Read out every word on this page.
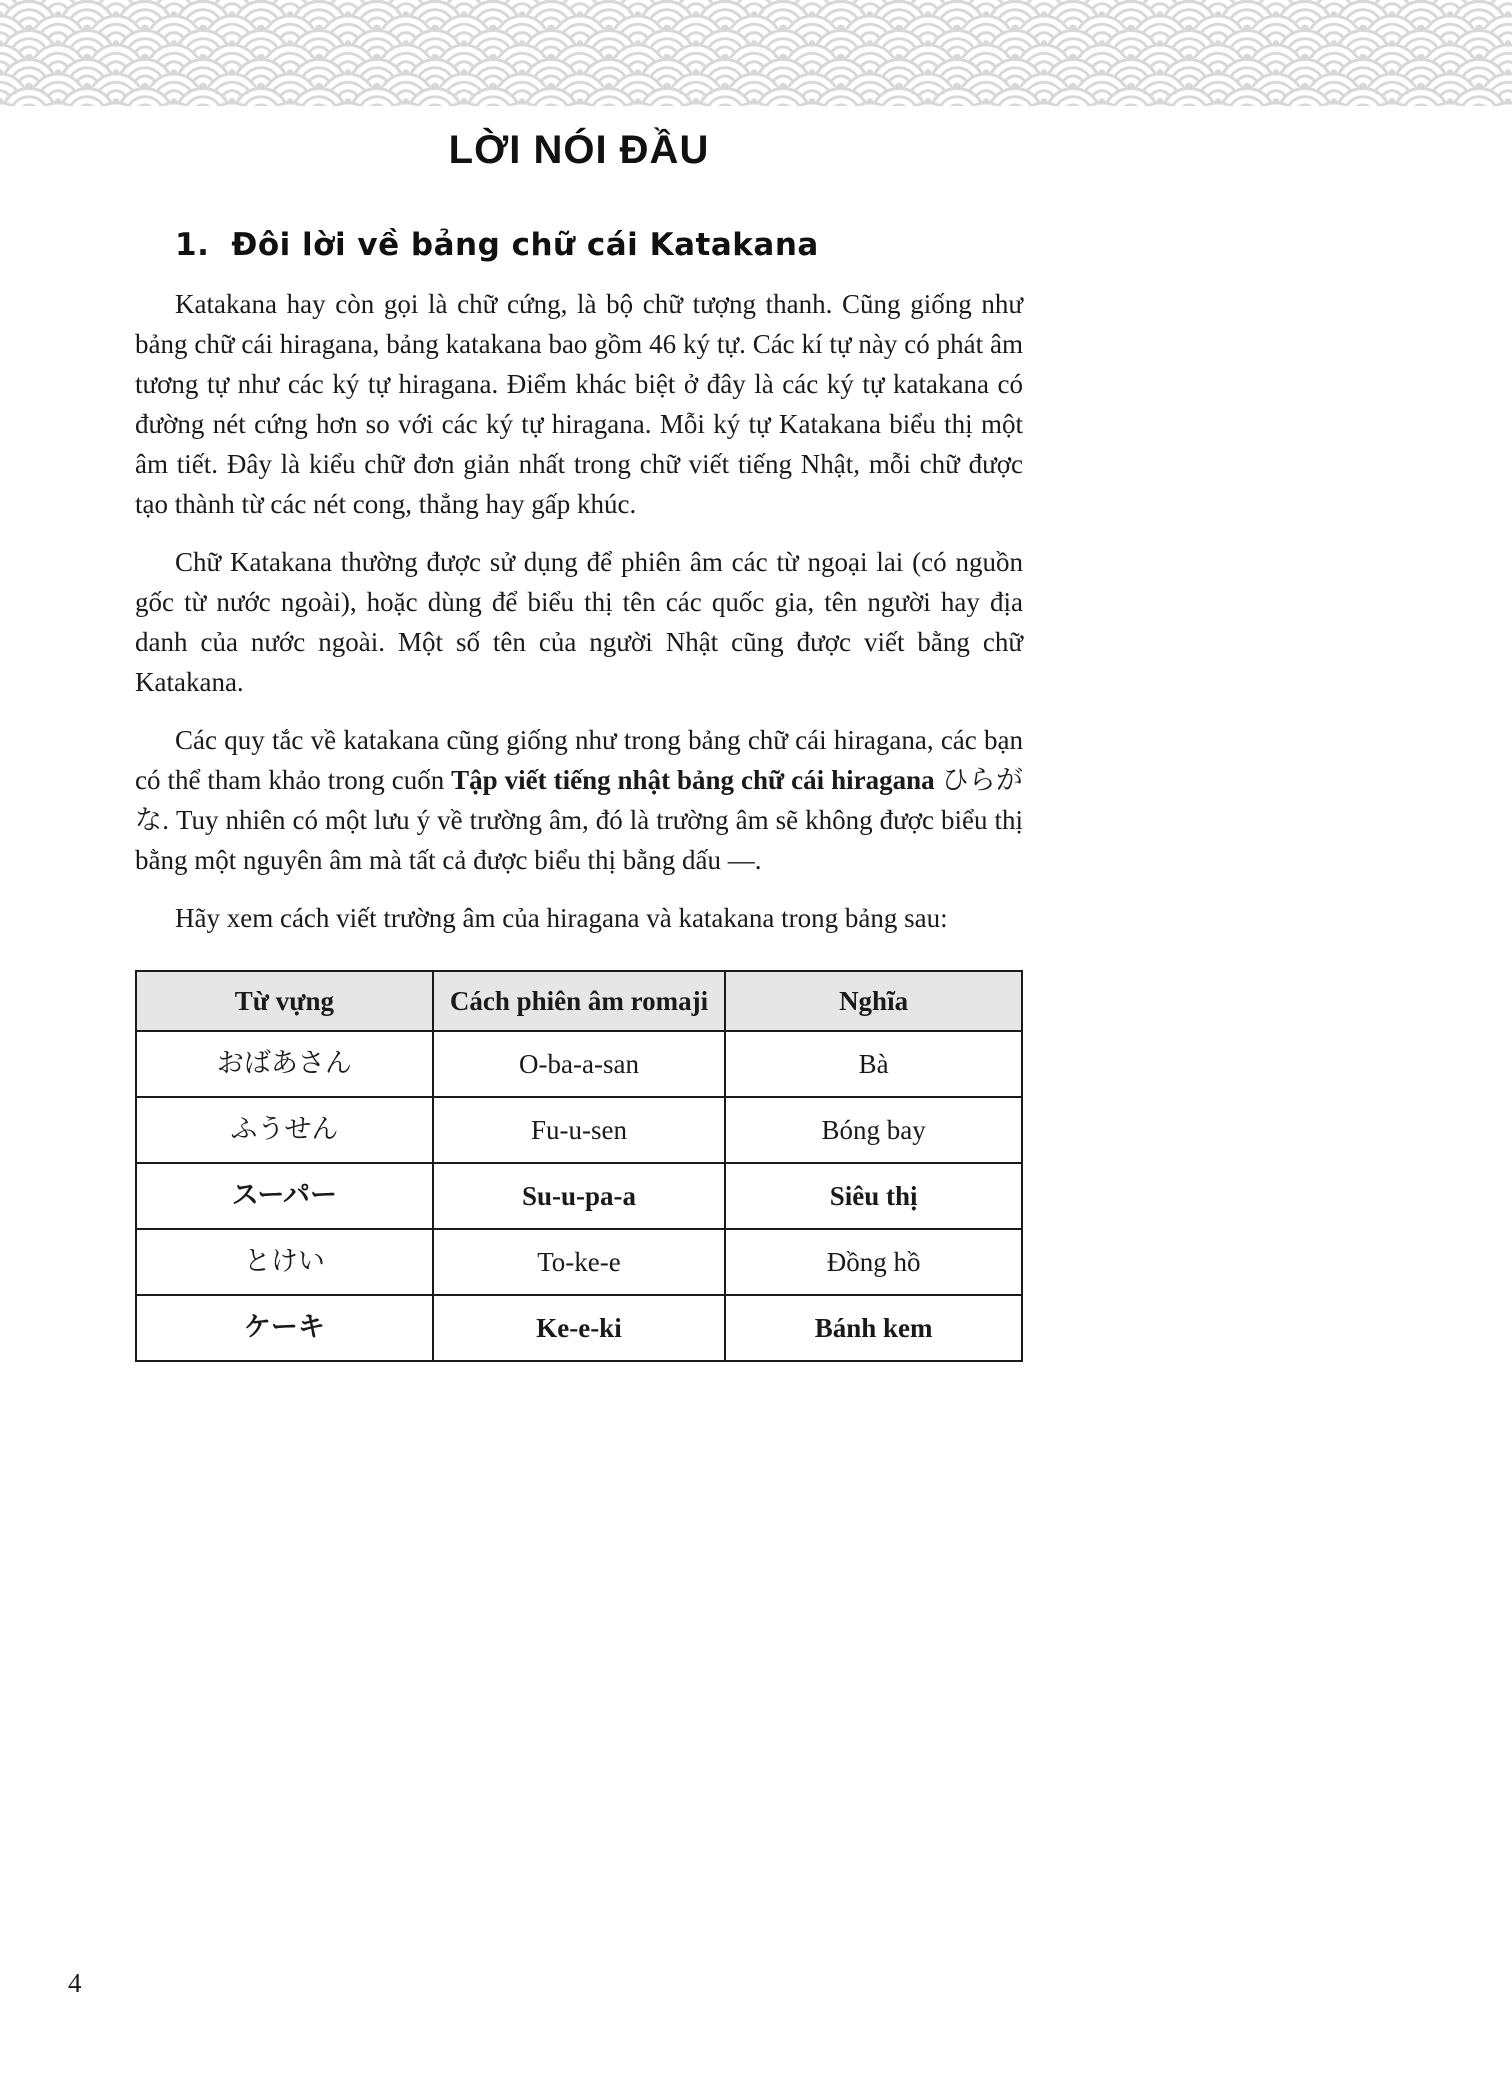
LỜI NÓI ĐẦU
1. Đôi lời về bảng chữ cái Katakana

Katakana hay còn gọi là chữ cứng, là bộ chữ tượng thanh. Cũng giống như bảng chữ cái hiragana, bảng katakana bao gồm 46 ký tự. Các kí tự này có phát âm tương tự như các ký tự hiragana. Điểm khác biệt ở đây là các ký tự katakana có đường nét cứng hơn so với các ký tự hiragana. Mỗi ký tự Katakana biểu thị một âm tiết. Đây là kiểu chữ đơn giản nhất trong chữ viết tiếng Nhật, mỗi chữ được tạo thành từ các nét cong, thẳng hay gấp khúc.

Chữ Katakana thường được sử dụng để phiên âm các từ ngoại lai (có nguồn gốc từ nước ngoài), hoặc dùng để biểu thị tên các quốc gia, tên người hay địa danh của nước ngoài. Một số tên của người Nhật cũng được viết bằng chữ Katakana.

Các quy tắc về katakana cũng giống như trong bảng chữ cái hiragana, các bạn có thể tham khảo trong cuốn Tập viết tiếng nhật bảng chữ cái hiragana ひらがな. Tuy nhiên có một lưu ý về trường âm, đó là trường âm sẽ không được biểu thị bằng một nguyên âm mà tất cả được biểu thị bằng dấu —.

Hãy xem cách viết trường âm của hiragana và katakana trong bảng sau:

Từ vựng	Cách phiên âm romaji	Nghĩa
おばあさん	O-ba-a-san	Bà
ふうせん	Fu-u-sen	Bóng bay
スーパー	Su-u-pa-a	Siêu thị
とけい	To-ke-e	Đồng hồ
ケーキ	Ke-e-ki	Bánh kem
4
